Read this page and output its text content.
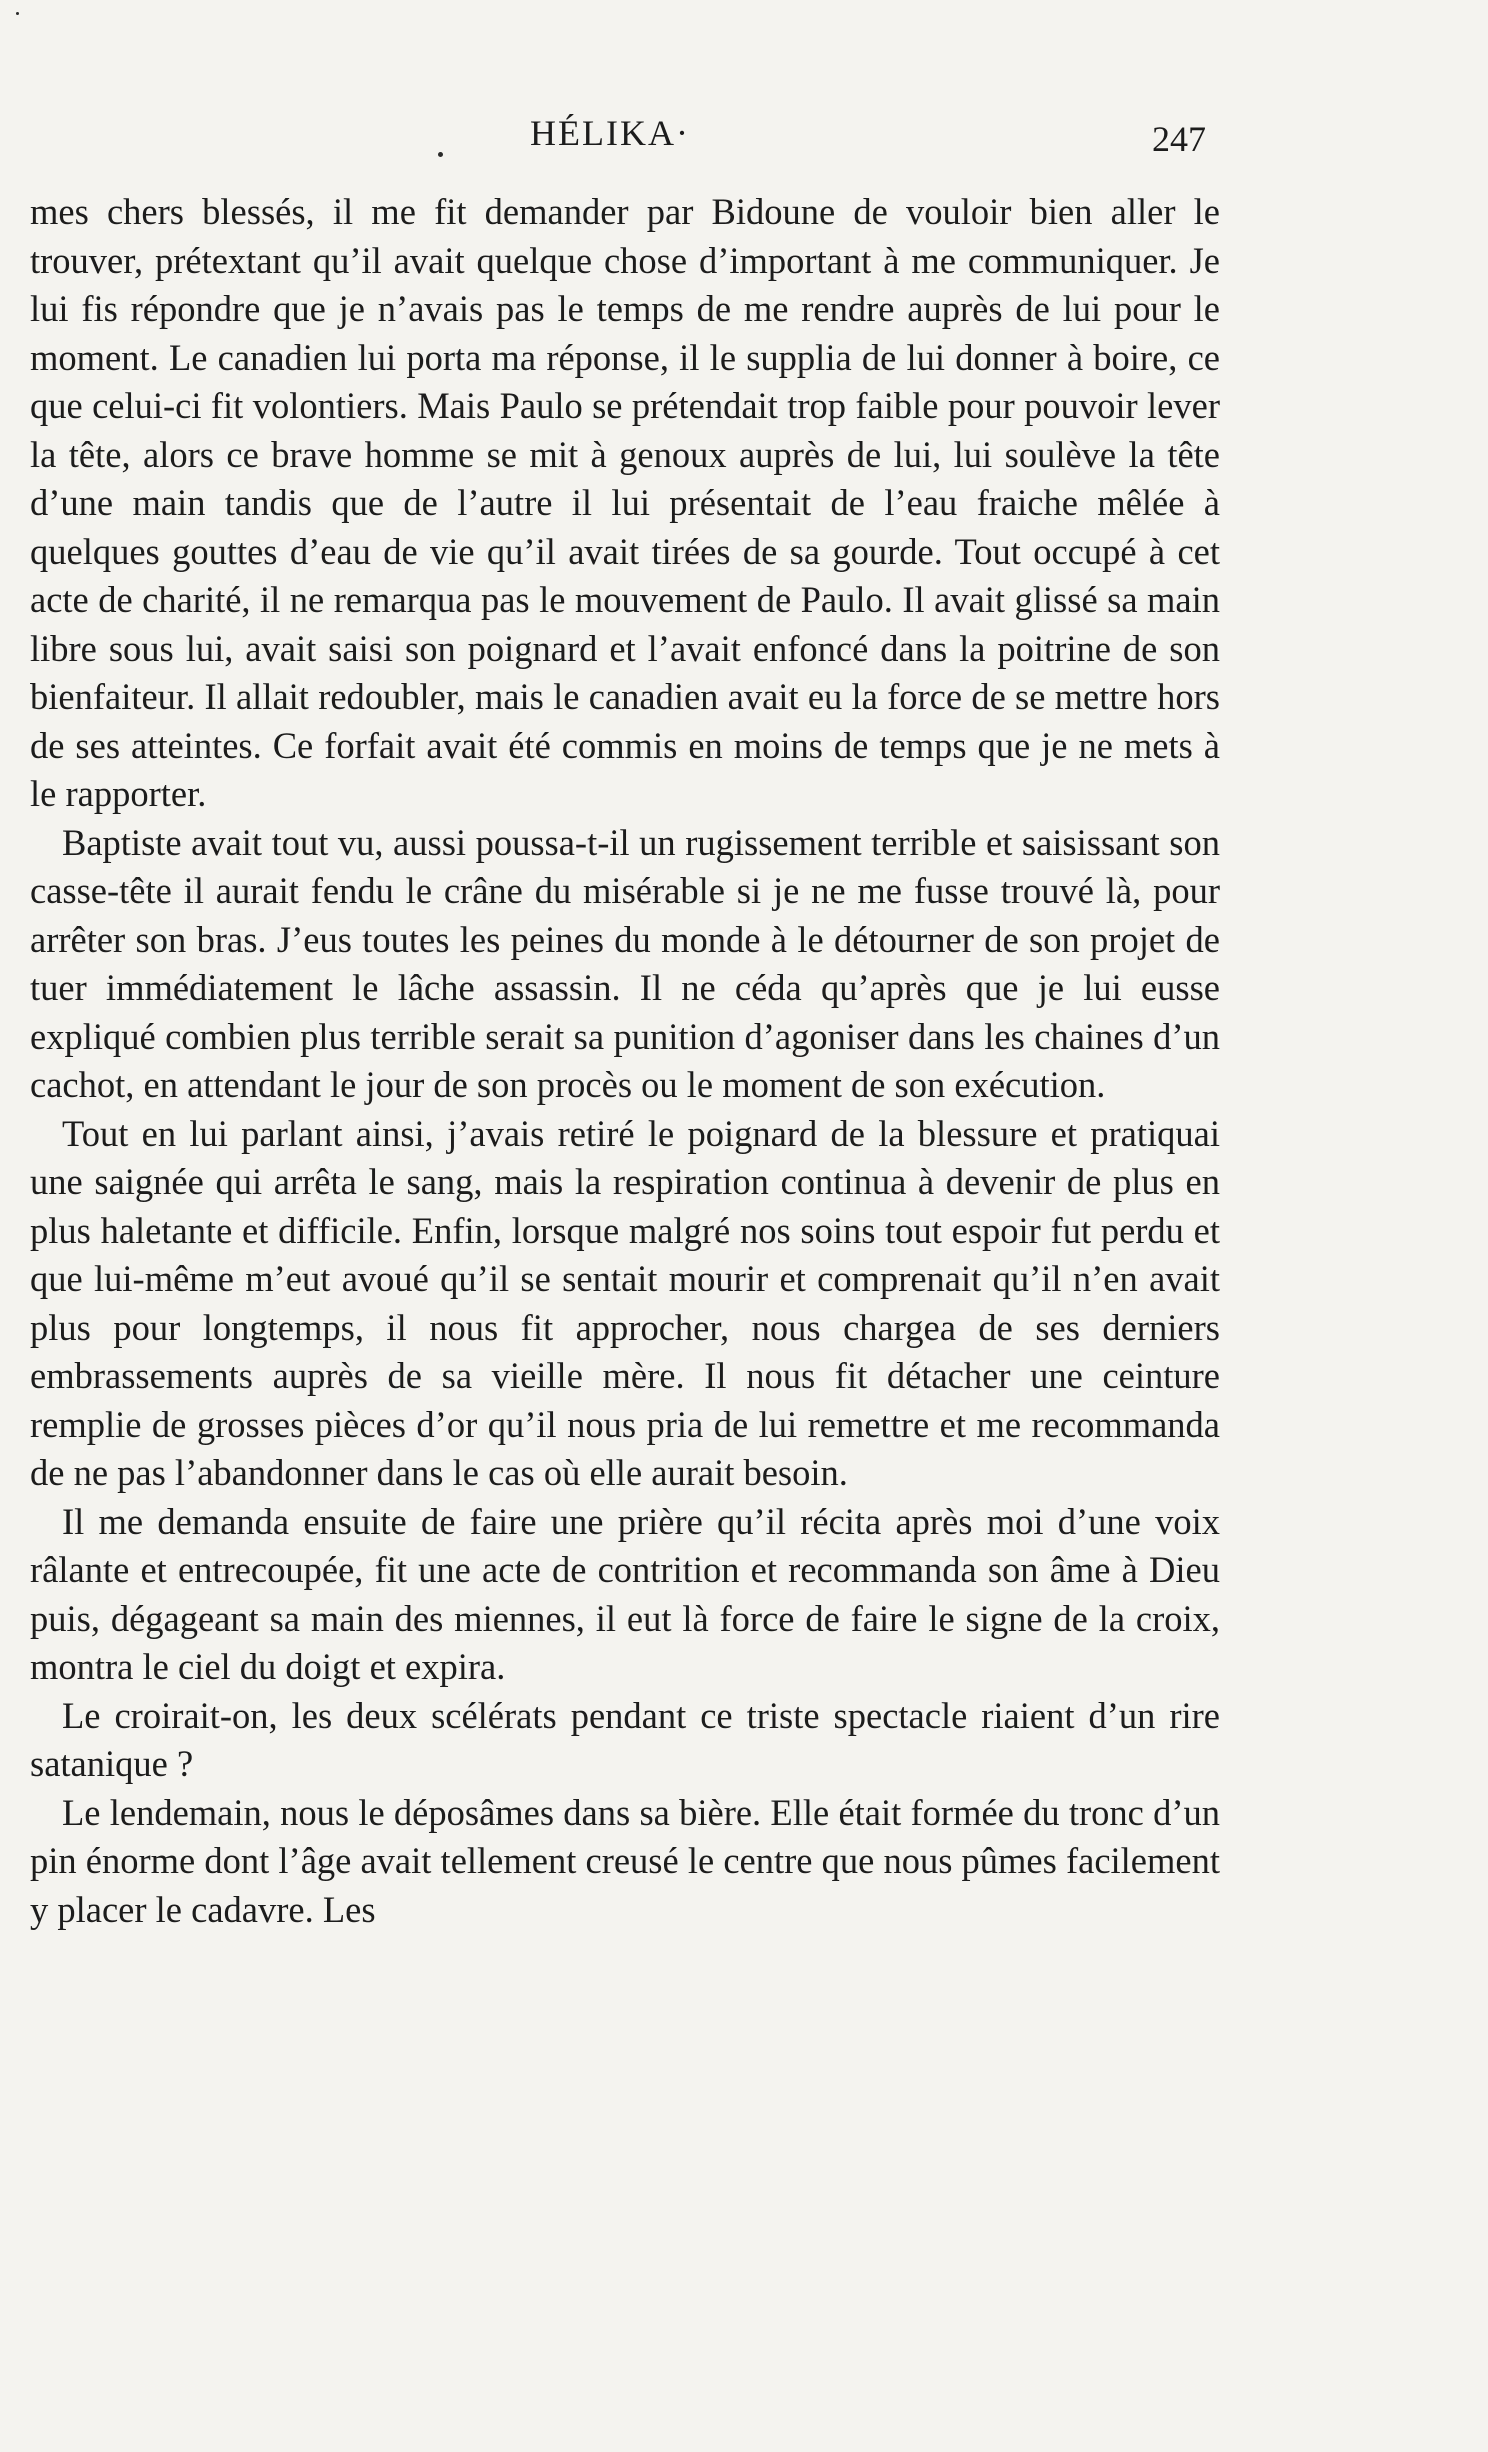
HÉLIKA·	247

mes chers blessés, il me fit demander par Bidoune de vouloir bien aller le trouver, prétextant qu’il avait quelque chose d’important à me communiquer. Je lui fis répondre que je n’avais pas le temps de me rendre auprès de lui pour le moment. Le canadien lui porta ma réponse, il le supplia de lui donner à boire, ce que celui-ci fit volontiers. Mais Paulo se prétendait trop faible pour pouvoir lever la tête, alors ce brave homme se mit à genoux auprès de lui, lui soulève la tête d’une main tandis que de l’autre il lui présentait de l’eau fraiche mêlée à quelques gouttes d’eau de vie qu’il avait tirées de sa gourde. Tout occupé à cet acte de charité, il ne remarqua pas le mouvement de Paulo. Il avait glissé sa main libre sous lui, avait saisi son poignard et l’avait enfoncé dans la poitrine de son bienfaiteur. Il allait redoubler, mais le canadien avait eu la force de se mettre hors de ses atteintes. Ce forfait avait été commis en moins de temps que je ne mets à le rapporter.

Baptiste avait tout vu, aussi poussa-t-il un rugissement terrible et saisissant son casse-tête il aurait fendu le crâne du misérable si je ne me fusse trouvé là, pour arrêter son bras. J’eus toutes les peines du monde à le détourner de son projet de tuer immédiatement le lâche assassin. Il ne céda qu’après que je lui eusse expliqué combien plus terrible serait sa punition d’agoniser dans les chaines d’un cachot, en attendant le jour de son procès ou le moment de son exécution.

Tout en lui parlant ainsi, j’avais retiré le poignard de la blessure et pratiquai une saignée qui arrêta le sang, mais la respiration continua à devenir de plus en plus haletante et difficile. Enfin, lorsque malgré nos soins tout espoir fut perdu et que lui-même m’eut avoué qu’il se sentait mourir et comprenait qu’il n’en avait plus pour longtemps, il nous fit approcher, nous chargea de ses derniers embrassements auprès de sa vieille mère. Il nous fit détacher une ceinture remplie de grosses pièces d’or qu’il nous pria de lui remettre et me recommanda de ne pas l’abandonner dans le cas où elle aurait besoin.

Il me demanda ensuite de faire une prière qu’il récita après moi d’une voix râlante et entrecoupée, fit une acte de contrition et recommanda son âme à Dieu puis, dégageant sa main des miennes, il eut là force de faire le signe de la croix, montra le ciel du doigt et expira.

Le croirait-on, les deux scélérats pendant ce triste spectacle riaient d’un rire satanique ?

Le lendemain, nous le déposâmes dans sa bière. Elle était formée du tronc d’un pin énorme dont l’âge avait tellement creusé le centre que nous pûmes facilement y placer le cadavre. Les
